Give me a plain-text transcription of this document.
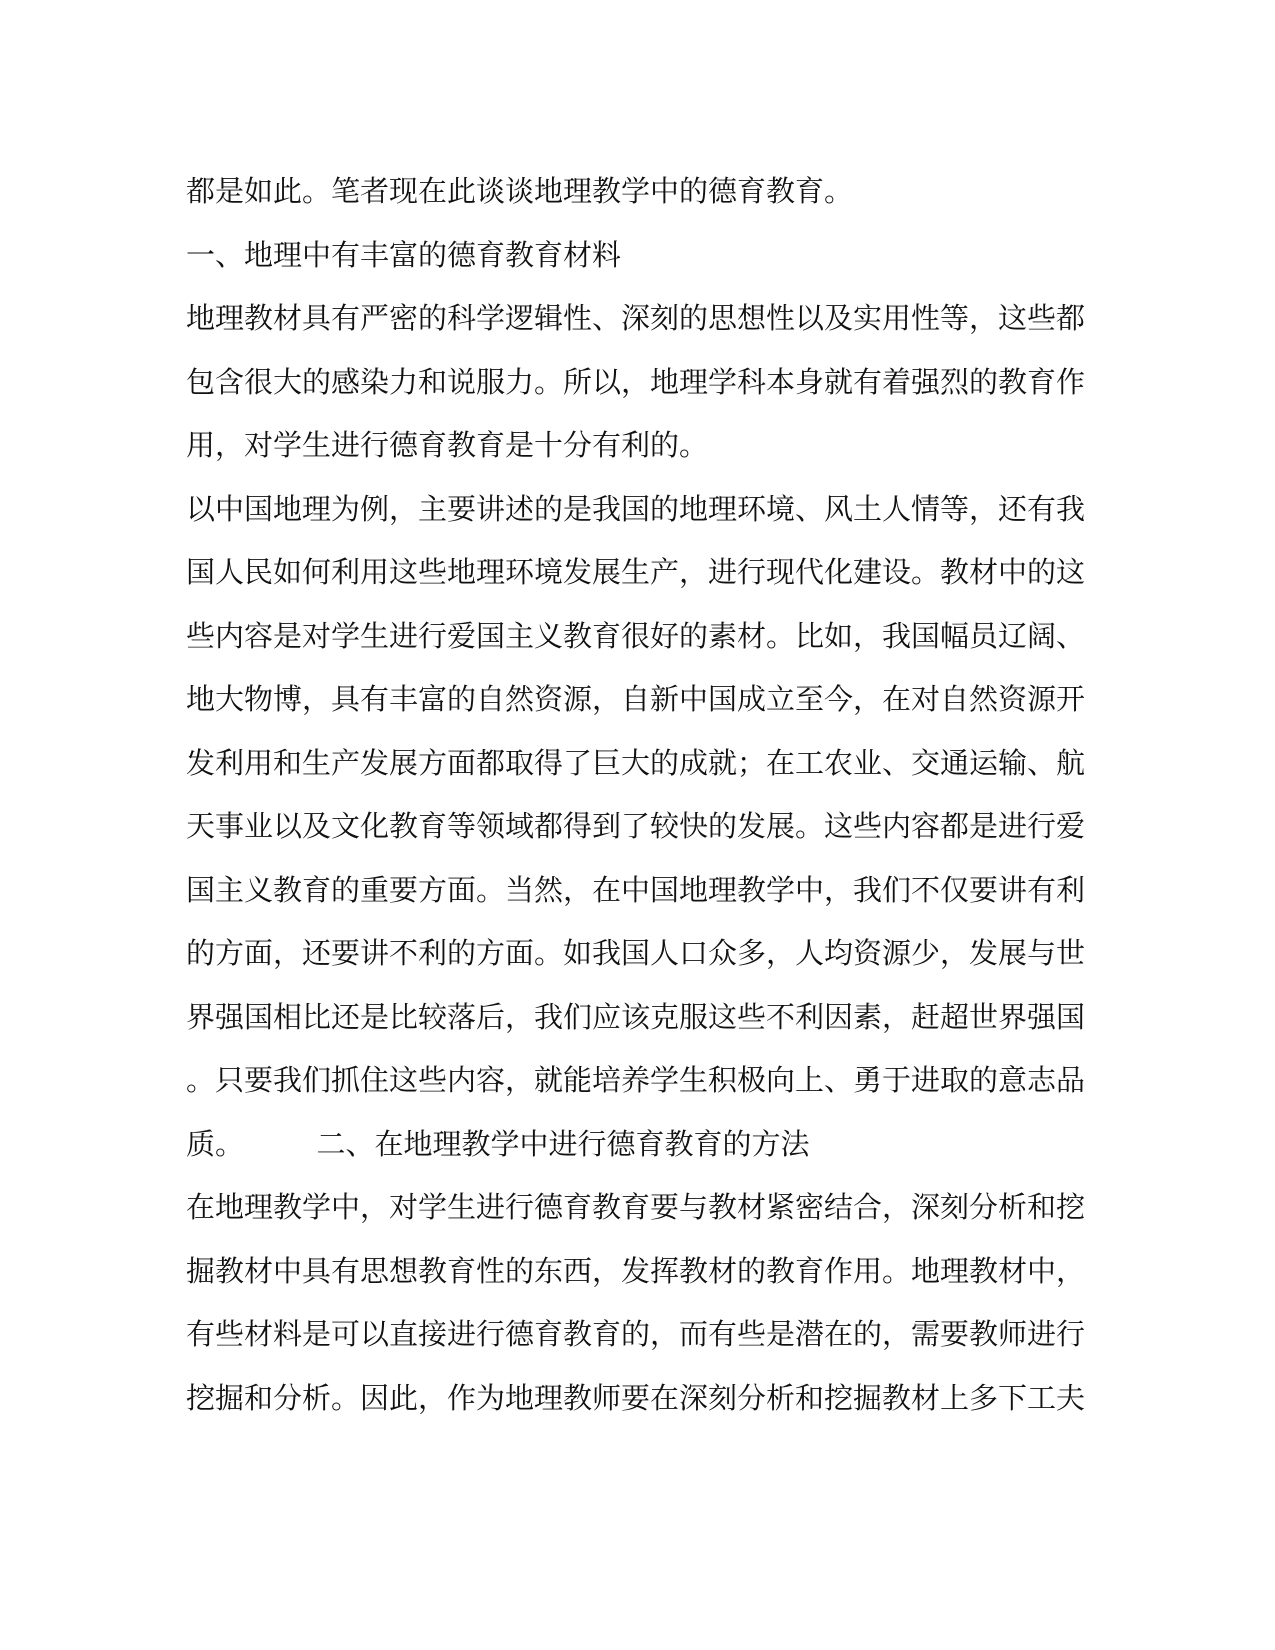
都是如此。笔者现在此谈谈地理教学中的德育教育。
一、地理中有丰富的德育教育材料
地理教材具有严密的科学逻辑性、深刻的思想性以及实用性等，这些都
包含很大的感染力和说服力。所以，地理学科本身就有着强烈的教育作
用，对学生进行德育教育是十分有利的。
以中国地理为例，主要讲述的是我国的地理环境、风土人情等，还有我
国人民如何利用这些地理环境发展生产，进行现代化建设。教材中的这
些内容是对学生进行爱国主义教育很好的素材。比如，我国幅员辽阔、
地大物博，具有丰富的自然资源，自新中国成立至今，在对自然资源开
发利用和生产发展方面都取得了巨大的成就；在工农业、交通运输、航
天事业以及文化教育等领域都得到了较快的发展。这些内容都是进行爱
国主义教育的重要方面。当然，在中国地理教学中，我们不仅要讲有利
的方面，还要讲不利的方面。如我国人口众多，人均资源少，发展与世
界强国相比还是比较落后，我们应该克服这些不利因素，赶超世界强国
。只要我们抓住这些内容，就能培养学生积极向上、勇于进取的意志品
质。　　　二、在地理教学中进行德育教育的方法
在地理教学中，对学生进行德育教育要与教材紧密结合，深刻分析和挖
掘教材中具有思想教育性的东西，发挥教材的教育作用。地理教材中，
有些材料是可以直接进行德育教育的，而有些是潜在的，需要教师进行
挖掘和分析。因此，作为地理教师要在深刻分析和挖掘教材上多下工夫
